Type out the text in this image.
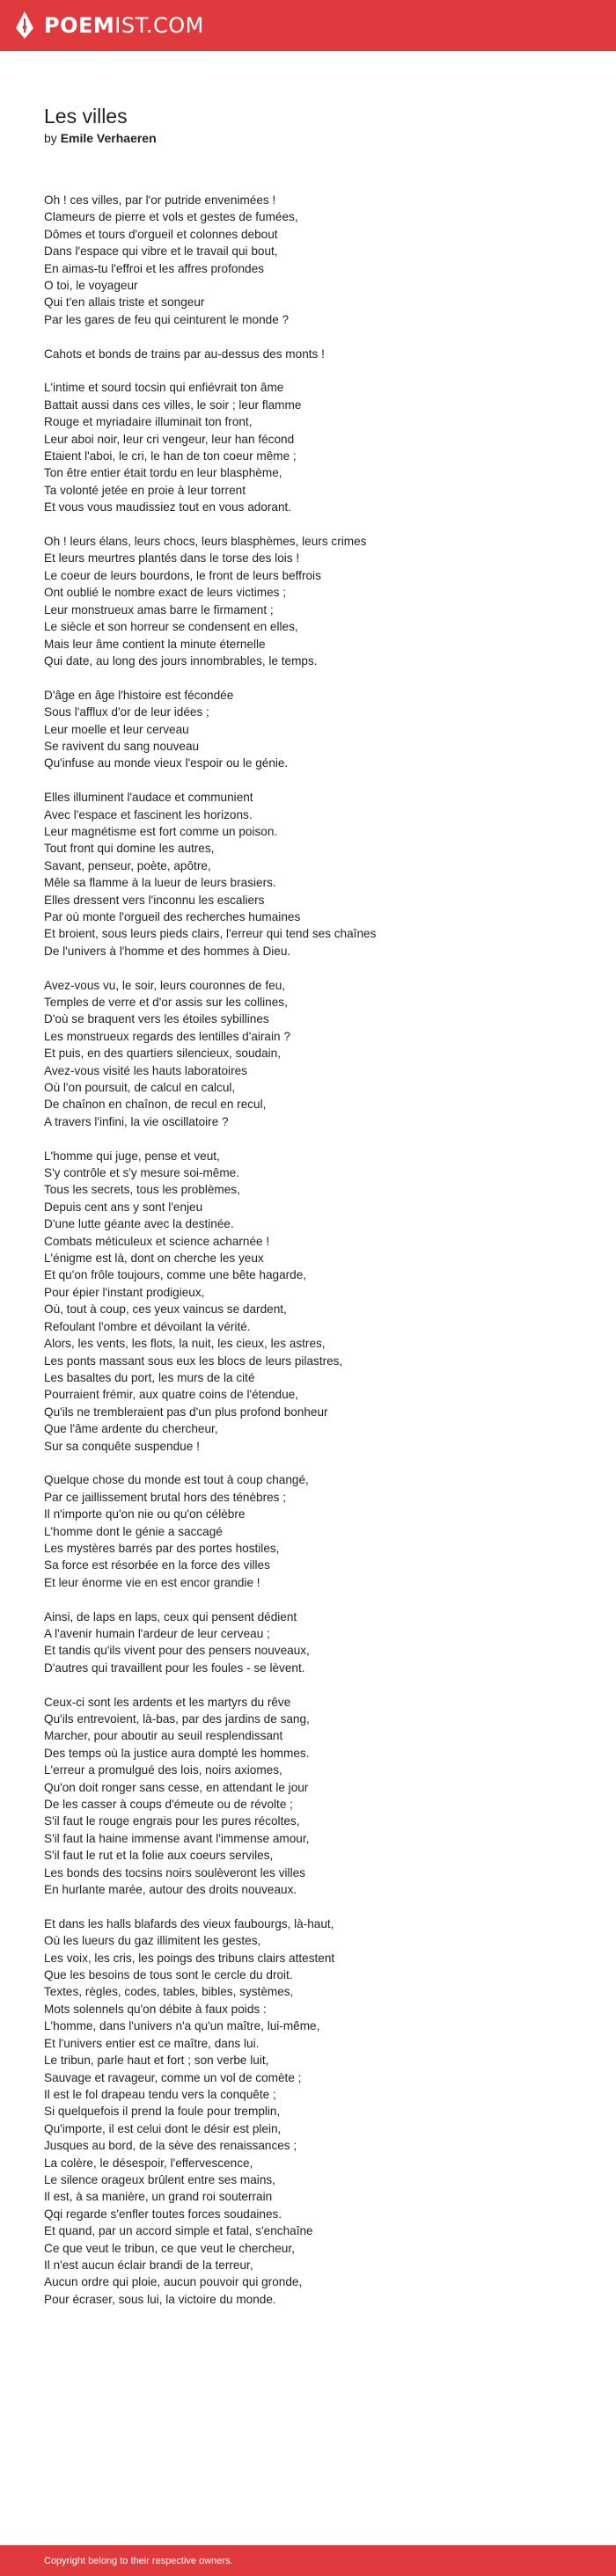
POEMIST.COM
Les villes
by Emile Verhaeren

Oh ! ces villes, par l'or putride envenimées !
Clameurs de pierre et vols et gestes de fumées,
Dômes et tours d'orgueil et colonnes debout
Dans l'espace qui vibre et le travail qui bout,
En aimas-tu l'effroi et les affres profondes
O toi, le voyageur
Qui t'en allais triste et songeur
Par les gares de feu qui ceinturent le monde ?

Cahots et bonds de trains par au-dessus des monts !

L'intime et sourd tocsin qui enfiévrait ton âme
Battait aussi dans ces villes, le soir ; leur flamme
Rouge et myriadaire illuminait ton front,
Leur aboi noir, leur cri vengeur, leur han fécond
Etaient l'aboi, le cri, le han de ton coeur même ;
Ton être entier était tordu en leur blasphème,
Ta volonté jetée en proie à leur torrent
Et vous vous maudissiez tout en vous adorant.

Oh ! leurs élans, leurs chocs, leurs blasphèmes, leurs crimes
Et leurs meurtres plantés dans le torse des lois !
Le coeur de leurs bourdons, le front de leurs beffrois
Ont oublié le nombre exact de leurs victimes ;
Leur monstrueux amas barre le firmament ;
Le siècle et son horreur se condensent en elles,
Mais leur âme contient la minute éternelle
Qui date, au long des jours innombrables, le temps.

D'âge en âge l'histoire est fécondée
Sous l'afflux d'or de leur idées ;
Leur moelle et leur cerveau
Se ravivent du sang nouveau
Qu'infuse au monde vieux l'espoir ou le génie.

Elles illuminent l'audace et communient
Avec l'espace et fascinent les horizons.
Leur magnétisme est fort comme un poison.
Tout front qui domine les autres,
Savant, penseur, poète, apôtre,
Mêle sa flamme à la lueur de leurs brasiers.
Elles dressent vers l'inconnu les escaliers
Par où monte l'orgueil des recherches humaines
Et broient, sous leurs pieds clairs, l'erreur qui tend ses chaînes
De l'univers à l'homme et des hommes à Dieu.

Avez-vous vu, le soir, leurs couronnes de feu,
Temples de verre et d'or assis sur les collines,
D'où se braquent vers les étoiles sybillines
Les monstrueux regards des lentilles d'airain ?
Et puis, en des quartiers silencieux, soudain,
Avez-vous visité les hauts laboratoires
Où l'on poursuit, de calcul en calcul,
De chaînon en chaînon, de recul en recul,
A travers l'infini, la vie oscillatoire ?

L'homme qui juge, pense et veut,
S'y contrôle et s'y mesure soi-même.
Tous les secrets, tous les problèmes,
Depuis cent ans y sont l'enjeu
D'une lutte géante avec la destinée.
Combats méticuleux et science acharnée !
L'énigme est là, dont on cherche les yeux
Et qu'on frôle toujours, comme une bête hagarde,
Pour épier l'instant prodigieux,
Où, tout à coup, ces yeux vaincus se dardent,
Refoulant l'ombre et dévoilant la vérité.
Alors, les vents, les flots, la nuit, les cieux, les astres,
Les ponts massant sous eux les blocs de leurs pilastres,
Les basaltes du port, les murs de la cité
Pourraient frémir, aux quatre coins de l'étendue,
Qu'ils ne trembleraient pas d'un plus profond bonheur
Que l'âme ardente du chercheur,
Sur sa conquête suspendue !

Quelque chose du monde est tout à coup changé,
Par ce jaillissement brutal hors des ténèbres ;
Il n'importe qu'on nie ou qu'on célèbre
L'homme dont le génie a saccagé
Les mystères barrés par des portes hostiles,
Sa force est résorbée en la force des villes
Et leur énorme vie en est encor grandie !

Ainsi, de laps en laps, ceux qui pensent dédient
A l'avenir humain l'ardeur de leur cerveau ;
Et tandis qu'ils vivent pour des pensers nouveaux,
D'autres qui travaillent pour les foules - se lèvent.

Ceux-ci sont les ardents et les martyrs du rêve
Qu'ils entrevoient, là-bas, par des jardins de sang,
Marcher, pour aboutir au seuil resplendissant
Des temps où la justice aura dompté les hommes.
L'erreur a promulgué des lois, noirs axiomes,
Qu'on doit ronger sans cesse, en attendant le jour
De les casser à coups d'émeute ou de révolte ;
S'il faut le rouge engrais pour les pures récoltes,
S'il faut la haine immense avant l'immense amour,
S'il faut le rut et la folie aux coeurs serviles,
Les bonds des tocsins noirs soulèveront les villes
En hurlante marée, autour des droits nouveaux.

Et dans les halls blafards des vieux faubourgs, là-haut,
Où les lueurs du gaz illimitent les gestes,
Les voix, les cris, les poings des tribuns clairs attestent
Que les besoins de tous sont le cercle du droit.
Textes, règles, codes, tables, bibles, systèmes,
Mots solennels qu'on débite à faux poids :
L'homme, dans l'univers n'a qu'un maître, lui-même,
Et l'univers entier est ce maître, dans lui.
Le tribun, parle haut et fort ; son verbe luit,
Sauvage et ravageur, comme un vol de comète ;
Il est le fol drapeau tendu vers la conquête ;
Si quelquefois il prend la foule pour tremplin,
Qu'importe, il est celui dont le désir est plein,
Jusques au bord, de la sève des renaissances ;
La colère, le désespoir, l'effervescence,
Le silence orageux brûlent entre ses mains,
Il est, à sa manière, un grand roi souterrain
Qqi regarde s'enfler toutes forces soudaines.
Et quand, par un accord simple et fatal, s'enchaîne
Ce que veut le tribun, ce que veut le chercheur,
Il n'est aucun éclair brandi de la terreur,
Aucun ordre qui ploie, aucun pouvoir qui gronde,
Pour écraser, sous lui, la victoire du monde.

Copyright belong to their respective owners.
